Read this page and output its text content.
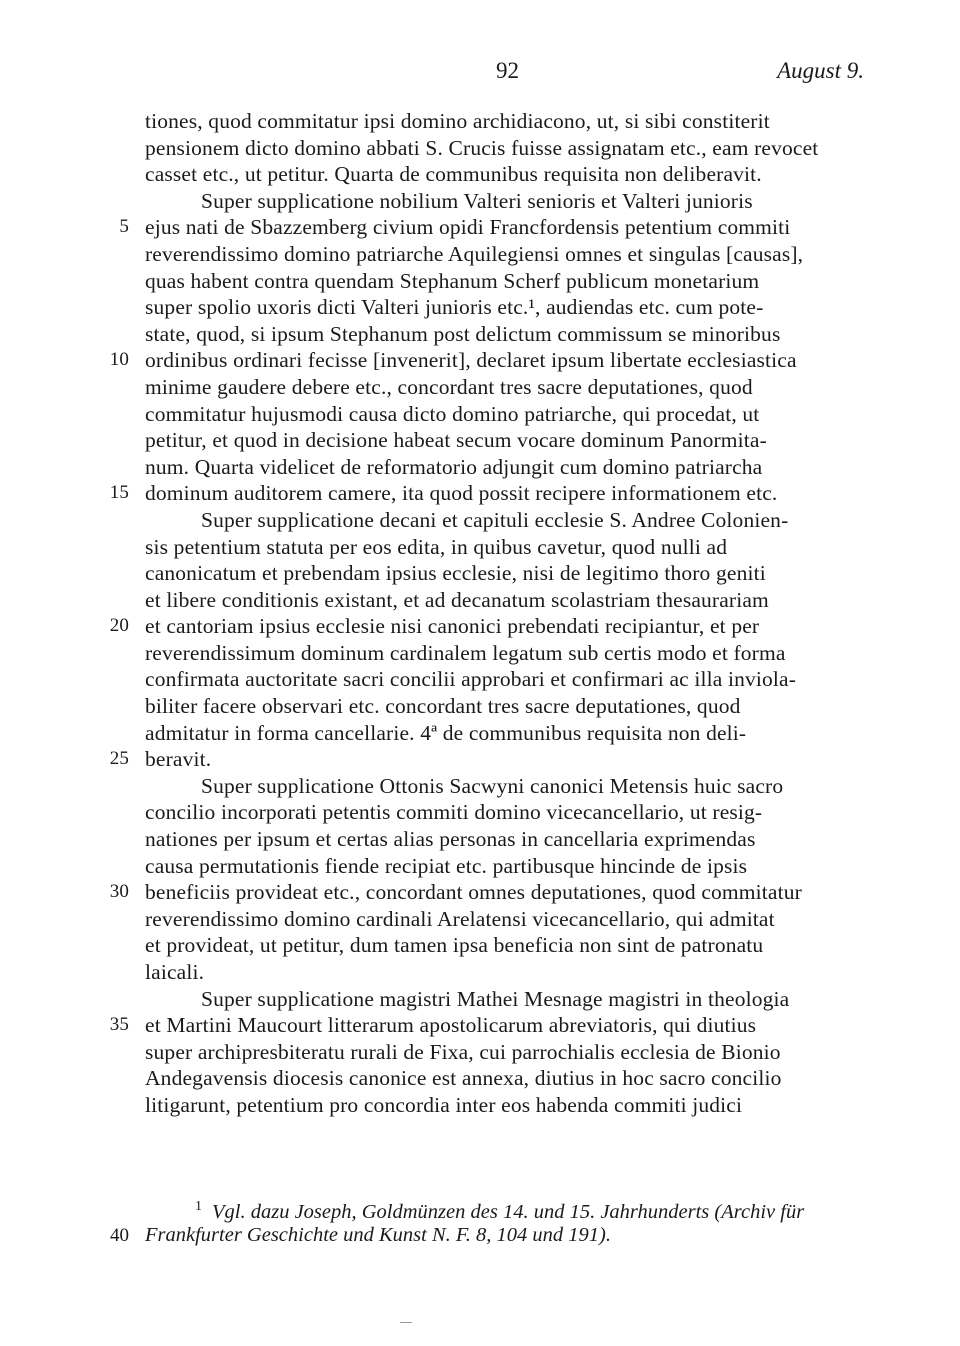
92	August 9.
tiones, quod commitatur ipsi domino archidiacono, ut, si sibi constiterit
pensionem dicto domino abbati S. Crucis fuisse assignatam etc., eam revocet
casset etc., ut petitur. Quarta de communibus requisita non deliberavit.
Super supplicatione nobilium Valteri senioris et Valteri junioris
5 ejus nati de Sbazzemberg civium opidi Francfordensis petentium commiti
reverendissimo domino patriarche Aquilegiensi omnes et singulas [causas],
quas habent contra quendam Stephanum Scherf publicum monetarium
super spolio uxoris dicti Valteri junioris etc.¹, audiendas etc. cum pote-
state, quod, si ipsum Stephanum post delictum commissum se minoribus
10 ordinibus ordinari fecisse [invenerit], declaret ipsum libertate ecclesiastica
minime gaudere debere etc., concordant tres sacre deputationes, quod
commitatur hujusmodi causa dicto domino patriarche, qui procedat, ut
petitur, et quod in decisione habeat secum vocare dominum Panormita-
num. Quarta videlicet de reformatorio adjungit cum domino patriarcha
15 dominum auditorem camere, ita quod possit recipere informationem etc.
Super supplicatione decani et capituli ecclesie S. Andree Colonien-
sis petentium statuta per eos edita, in quibus cavetur, quod nulli ad
canonicatum et prebendam ipsius ecclesie, nisi de legitimo thoro geniti
et libere conditionis existant, et ad decanatum scolastriam thesaurariam
20 et cantoriam ipsius ecclesie nisi canonici prebendati recipiantur, et per
reverendissimum dominum cardinalem legatum sub certis modo et forma
confirmata auctoritate sacri concilii approbari et confirmari ac illa inviola-
biliter facere observari etc. concordant tres sacre deputationes, quod
admitatur in forma cancellarie. 4ª de communibus requisita non deli-
25 beravit.
Super supplicatione Ottonis Sacwyni canonici Metensis huic sacro
concilio incorporati petentis commiti domino vicecancellario, ut resig-
nationes per ipsum et certas alias personas in cancellaria exprimendas
causa permutationis fiende recipiat etc. partibusque hincinde de ipsis
30 beneficiis provideat etc., concordant omnes deputationes, quod commitatur
reverendissimo domino cardinali Arelatensi vicecancellario, qui admitat
et provideat, ut petitur, dum tamen ipsa beneficia non sint de patronatu
laicali.
Super supplicatione magistri Mathei Mesnage magistri in theologia
35 et Martini Maucourt litterarum apostolicarum abreviatoris, qui diutius
super archipresbiteratu rurali de Fixa, cui parrochialis ecclesia de Bionio
Andegavensis diocesis canonice est annexa, diutius in hoc sacro concilio
litigarunt, petentium pro concordia inter eos habenda commiti judici
$^1$ Vgl. dazu Joseph, Goldmünzen des 14. und 15. Jahrhunderts (Archiv für
40 Frankfurter Geschichte und Kunst N. F. 8, 104 und 191).
